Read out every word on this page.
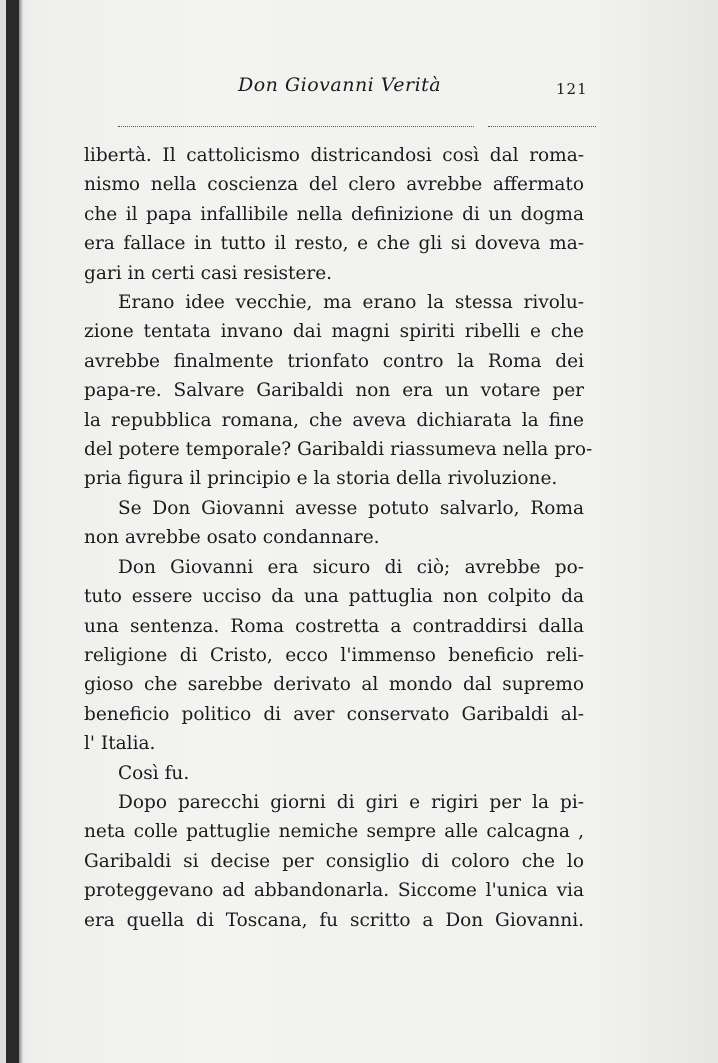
Don Giovanni Verità	121
libertà. Il cattolicismo districandosi così dal roma-
nismo nella coscienza del clero avrebbe affermato
che il papa infallibile nella definizione di un dogma
era fallace in tutto il resto, e che gli si doveva ma-
gari in certi casi resistere.
Erano idee vecchie, ma erano la stessa rivolu-
zione tentata invano dai magni spiriti ribelli e che
avrebbe finalmente trionfato contro la Roma dei
papa-re. Salvare Garibaldi non era un votare per
la repubblica romana, che aveva dichiarata la fine
del potere temporale? Garibaldi riassumeva nella pro-
pria figura il principio e la storia della rivoluzione.
Se Don Giovanni avesse potuto salvarlo, Roma
non avrebbe osato condannare.
Don Giovanni era sicuro di ciò; avrebbe po-
tuto essere ucciso da una pattuglia non colpito da
una sentenza. Roma costretta a contraddirsi dalla
religione di Cristo, ecco l'immenso beneficio reli-
gioso che sarebbe derivato al mondo dal supremo
beneficio politico di aver conservato Garibaldi al-
l' Italia.
Così fu.
Dopo parecchi giorni di giri e rigiri per la pi-
neta colle pattuglie nemiche sempre alle calcagna ,
Garibaldi si decise per consiglio di coloro che lo
proteggevano ad abbandonarla. Siccome l'unica via
era quella di Toscana, fu scritto a Don Giovanni.
